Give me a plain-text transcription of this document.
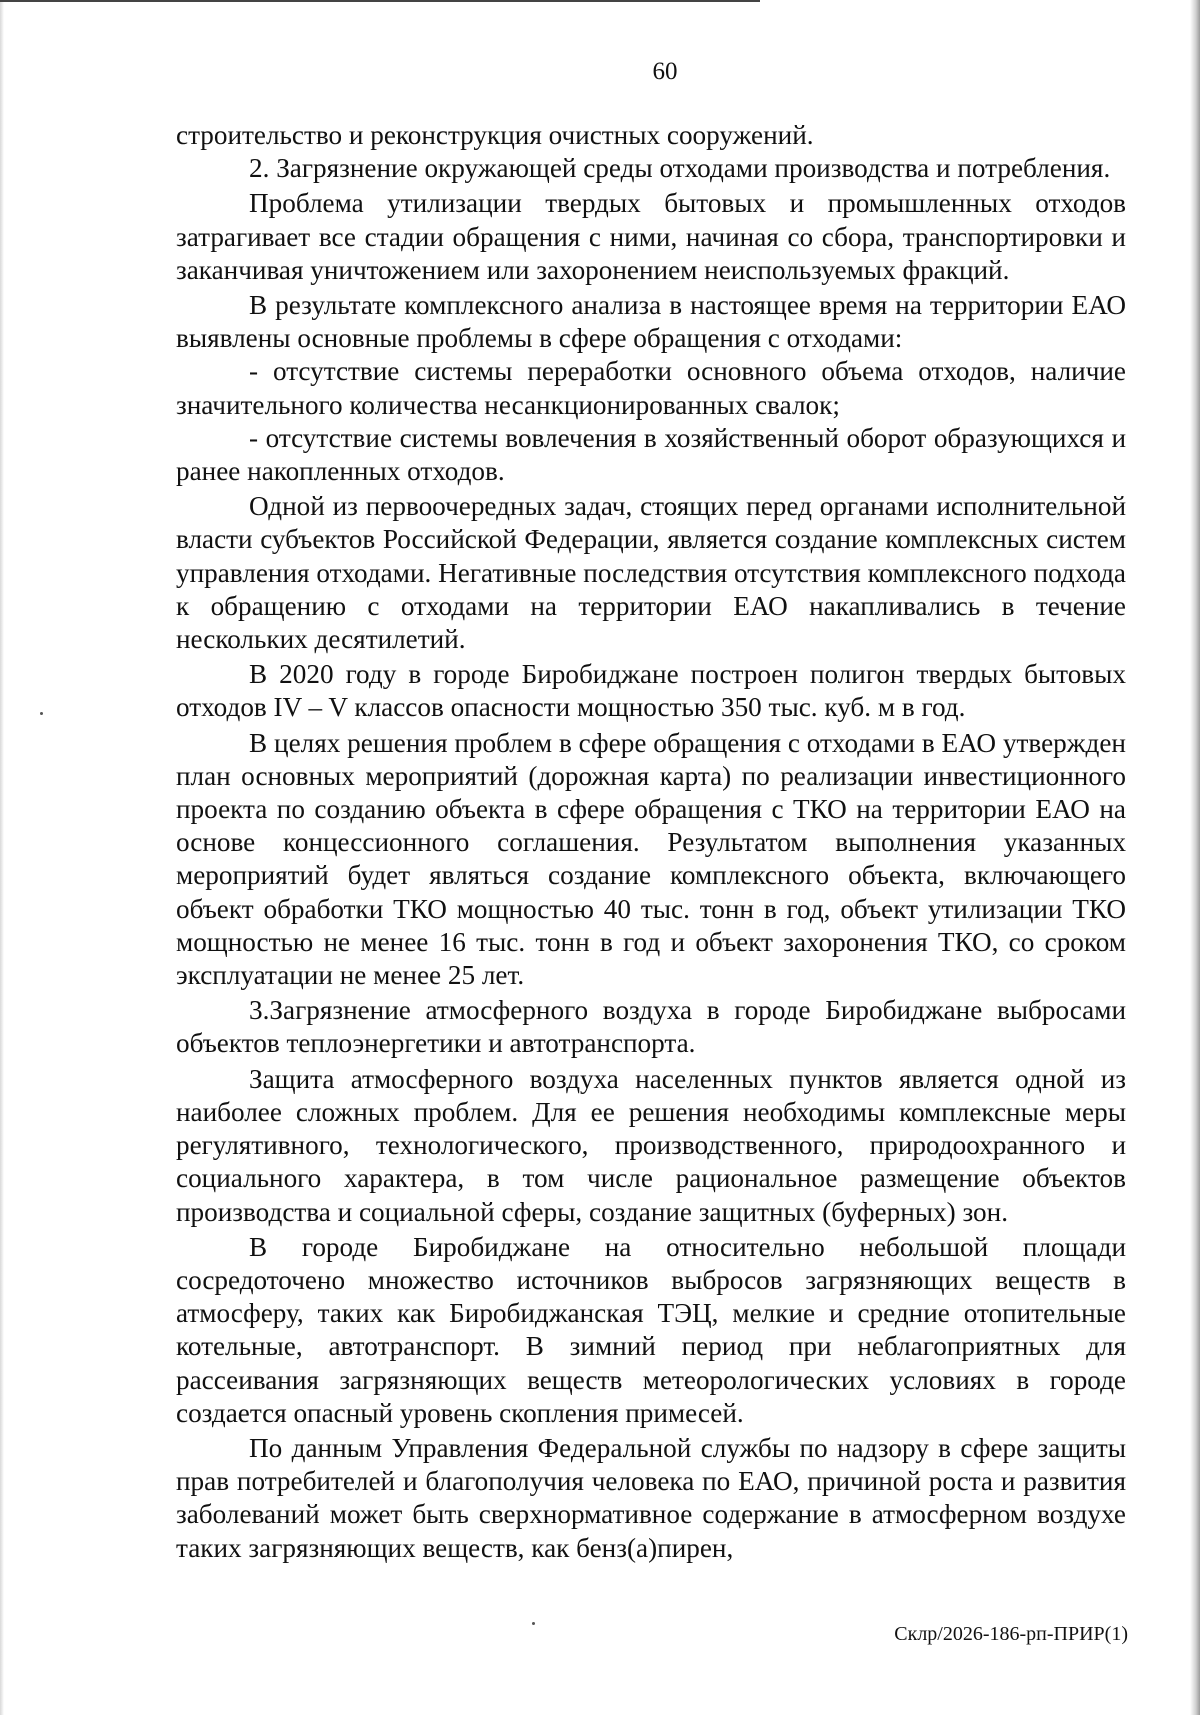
60

строительство и реконструкция очистных сооружений.

2. Загрязнение окружающей среды отходами производства и потребления.

Проблема утилизации твердых бытовых и промышленных отходов затрагивает все стадии обращения с ними, начиная со сбора, транспортировки и заканчивая уничтожением или захоронением неиспользуемых фракций.

В результате комплексного анализа в настоящее время на территории ЕАО выявлены основные проблемы в сфере обращения с отходами:

- отсутствие системы переработки основного объема отходов, наличие значительного количества несанкционированных свалок;

- отсутствие системы вовлечения в хозяйственный оборот образующихся и ранее накопленных отходов.

Одной из первоочередных задач, стоящих перед органами исполнительной власти субъектов Российской Федерации, является создание комплексных систем управления отходами. Негативные последствия отсутствия комплексного подхода к обращению с отходами на территории ЕАО накапливались в течение нескольких десятилетий.

В 2020 году в городе Биробиджане построен полигон твердых бытовых отходов IV – V классов опасности мощностью 350 тыс. куб. м в год.

В целях решения проблем в сфере обращения с отходами в ЕАО утвержден план основных мероприятий (дорожная карта) по реализации инвестиционного проекта по созданию объекта в сфере обращения с ТКО на территории ЕАО на основе концессионного соглашения. Результатом выполнения указанных мероприятий будет являться создание комплексного объекта, включающего объект обработки ТКО мощностью 40 тыс. тонн в год, объект утилизации ТКО мощностью не менее 16 тыс. тонн в год и объект захоронения ТКО, со сроком эксплуатации не менее 25 лет.

3.Загрязнение атмосферного воздуха в городе Биробиджане выбросами объектов теплоэнергетики и автотранспорта.

Защита атмосферного воздуха населенных пунктов является одной из наиболее сложных проблем. Для ее решения необходимы комплексные меры регулятивного, технологического, производственного, природоохранного и социального характера, в том числе рациональное размещение объектов производства и социальной сферы, создание защитных (буферных) зон.

В городе Биробиджане на относительно небольшой площади сосредоточено множество источников выбросов загрязняющих веществ в атмосферу, таких как Биробиджанская ТЭЦ, мелкие и средние отопительные котельные, автотранспорт. В зимний период при неблагоприятных для рассеивания загрязняющих веществ метеорологических условиях в городе создается опасный уровень скопления примесей.

По данным Управления Федеральной службы по надзору в сфере защиты прав потребителей и благополучия человека по ЕАО, причиной роста и развития заболеваний может быть сверхнормативное содержание в атмосферном воздухе таких загрязняющих веществ, как бенз(а)пирен,

Склр/2026-186-рп-ПРИР(1)
